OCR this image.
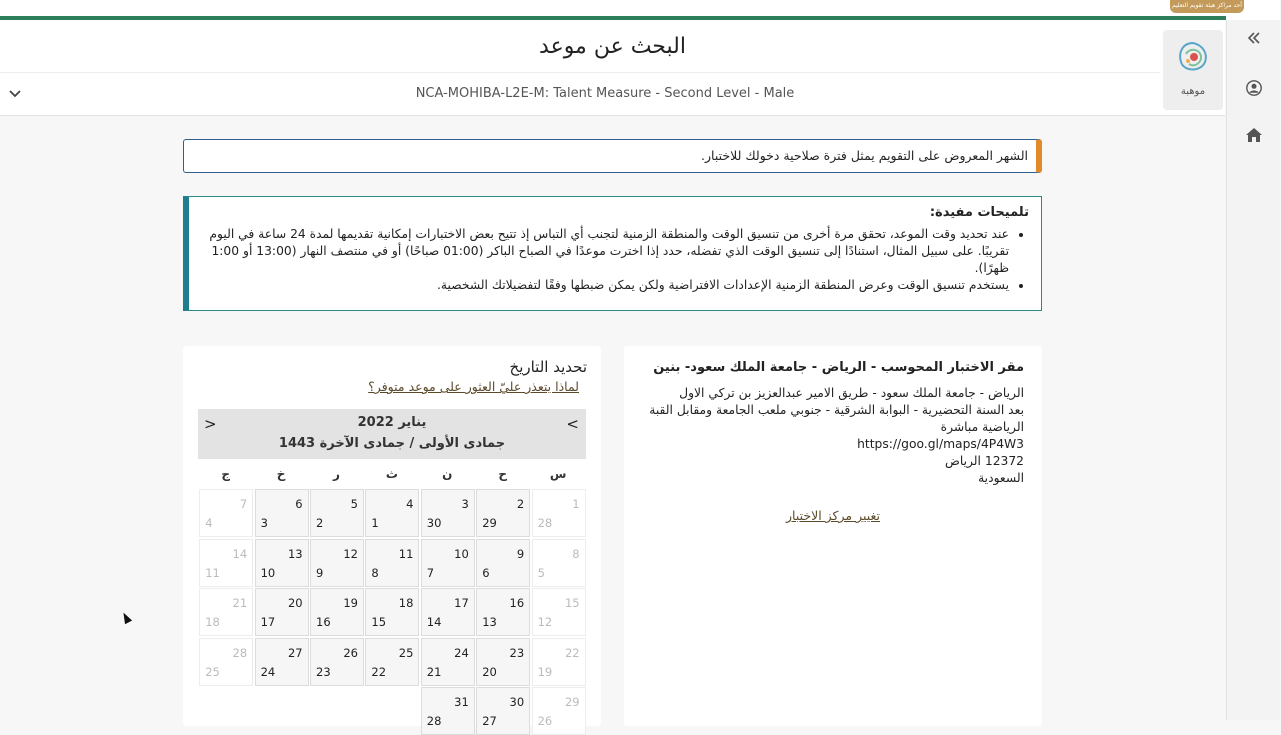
أحد مراكز هيئة تقويم التعليم
البحث عن موعد
NCA-MOHIBA-L2E-M: Talent Measure - Second Level - Male	موهبة
الشهر المعروض على التقويم يمثل فترة صلاحية دخولك للاختبار.
تلميحات مفيدة:
• عند تحديد وقت الموعد، تحقق مرة أخرى من تنسيق الوقت والمنطقة الزمنية لتجنب أي التباس إذ تتيح بعض الاختبارات إمكانية تقديمها لمدة 24 ساعة في اليوم تقريبًا. على سبيل المثال، استنادًا إلى تنسيق الوقت الذي تفضله، حدد إذا اخترت موعدًا في الصباح الباكر (01:00 صباحًا) أو في منتصف النهار (13:00 أو 1:00 ظهرًا).
• يستخدم تنسيق الوقت وعرض المنطقة الزمنية الإعدادات الافتراضية ولكن يمكن ضبطها وفقًا لتفضيلاتك الشخصية.
مقر الاختبار المحوسب - الرياض - جامعة الملك سعود- بنين
الرياض - جامعة الملك سعود - طريق الامير عبدالعزيز بن تركي الاول
بعد السنة التحضيرية - البوابة الشرقية - جنوبي ملعب الجامعة ومقابل القبة الرياضية مباشرة
https://goo.gl/maps/4P4W3
12372 الرياض
السعودية
تغيير مركز الاختبار
تحديد التاريخ
لماذا يتعذر عليّ العثور على موعد متوفر؟
>	<
يناير 2022
جمادى الأولى / جمادى الآخرة 1443
س
ح
ن
ث
ر
خ
ج
1
28
2
29
3
30
4
1
5
2
6
3
7
4
8
5
9
6
10
7
11
8
12
9
13
10
14
11
15
12
16
13
17
14
18
15
19
16
20
17
21
18
22
19
23
20
24
21
25
22
26
23
27
24
28
25
29
26
30
27
31
28
